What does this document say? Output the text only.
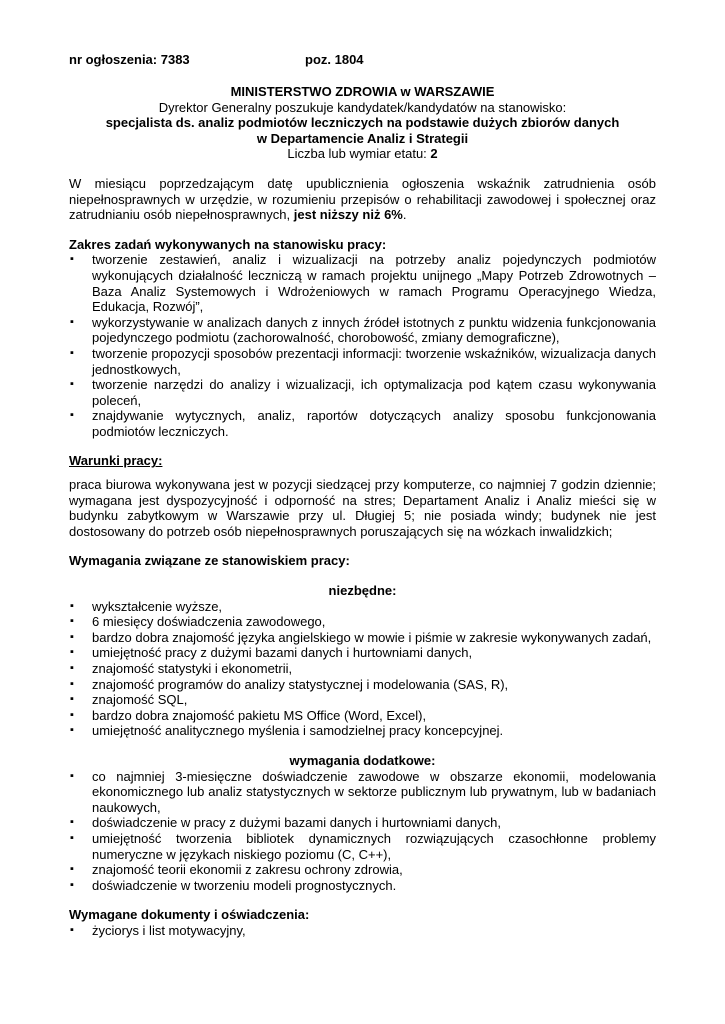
nr ogłoszenia: 7383	poz. 1804
MINISTERSTWO ZDROWIA w WARSZAWIE
Dyrektor Generalny poszukuje kandydatek/kandydatów na stanowisko:
specjalista ds. analiz podmiotów leczniczych na podstawie dużych zbiorów danych
w Departamencie Analiz i Strategii
Liczba lub wymiar etatu: 2
W miesiącu poprzedzającym datę upublicznienia ogłoszenia wskaźnik zatrudnienia osób niepełnosprawnych w urzędzie, w rozumieniu przepisów o rehabilitacji zawodowej i społecznej oraz zatrudnianiu osób niepełnosprawnych, jest niższy niż 6%.
Zakres zadań wykonywanych na stanowisku pracy:
▪ tworzenie zestawień, analiz i wizualizacji na potrzeby analiz pojedynczych podmiotów wykonujących działalność leczniczą w ramach projektu unijnego „Mapy Potrzeb Zdrowotnych – Baza Analiz Systemowych i Wdrożeniowych w ramach Programu Operacyjnego Wiedza, Edukacja, Rozwój”,
▪ wykorzystywanie w analizach danych z innych źródeł istotnych z punktu widzenia funkcjonowania pojedynczego podmiotu (zachorowalność, chorobowość, zmiany demograficzne),
▪ tworzenie propozycji sposobów prezentacji informacji: tworzenie wskaźników, wizualizacja danych jednostkowych,
▪ tworzenie narzędzi do analizy i wizualizacji, ich optymalizacja pod kątem czasu wykonywania poleceń,
▪ znajdywanie wytycznych, analiz, raportów dotyczących analizy sposobu funkcjonowania podmiotów leczniczych.
Warunki pracy:
praca biurowa wykonywana jest w pozycji siedzącej przy komputerze, co najmniej 7 godzin dziennie; wymagana jest dyspozycyjność i odporność na stres; Departament Analiz i Analiz mieści się w budynku zabytkowym w Warszawie przy ul. Długiej 5; nie posiada windy; budynek nie jest dostosowany do potrzeb osób niepełnosprawnych poruszających się na wózkach inwalidzkich;
Wymagania związane ze stanowiskiem pracy:
niezbędne:
▪ wykształcenie wyższe,
▪ 6 miesięcy doświadczenia zawodowego,
▪ bardzo dobra znajomość języka angielskiego w mowie i piśmie w zakresie wykonywanych zadań,
▪ umiejętność pracy z dużymi bazami danych i hurtowniami danych,
▪ znajomość statystyki i ekonometrii,
▪ znajomość programów do analizy statystycznej i modelowania (SAS, R),
▪ znajomość SQL,
▪ bardzo dobra znajomość pakietu MS Office (Word, Excel),
▪ umiejętność analitycznego myślenia i samodzielnej pracy koncepcyjnej.
wymagania dodatkowe:
▪ co najmniej 3-miesięczne doświadczenie zawodowe w obszarze ekonomii, modelowania ekonomicznego lub analiz statystycznych w sektorze publicznym lub prywatnym, lub w badaniach naukowych,
▪ doświadczenie w pracy z dużymi bazami danych i hurtowniami danych,
▪ umiejętność tworzenia bibliotek dynamicznych rozwiązujących czasochłonne problemy numeryczne w językach niskiego poziomu (C, C++),
▪ znajomość teorii ekonomii z zakresu ochrony zdrowia,
▪ doświadczenie w tworzeniu modeli prognostycznych.
Wymagane dokumenty i oświadczenia:
▪ życiorys i list motywacyjny,
